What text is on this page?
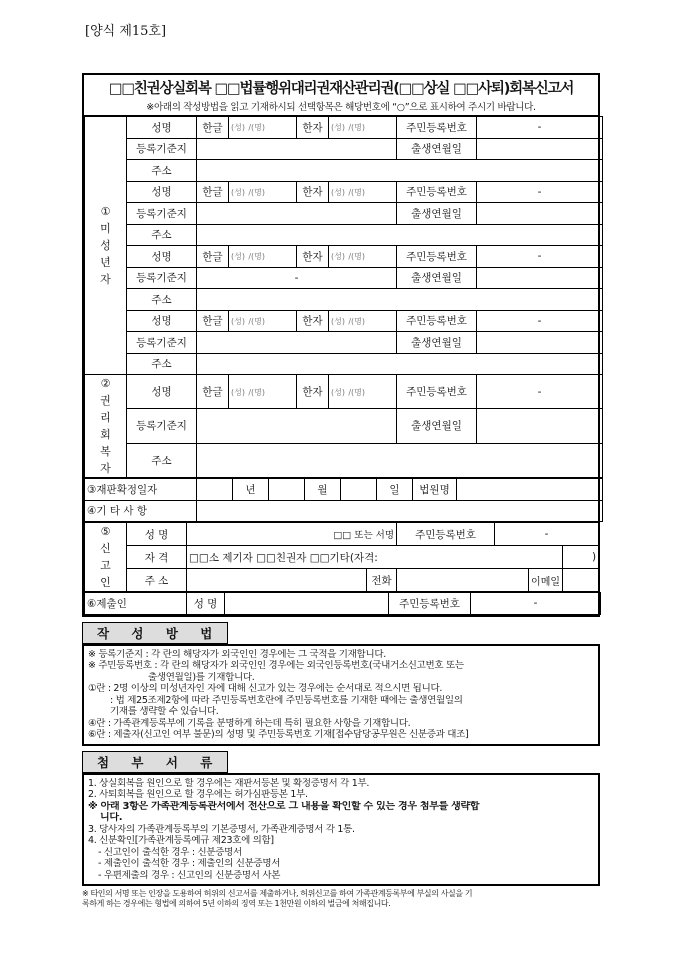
[양식 제15호]
□□친권상실회복 □□법률행위대리권재산관리권(□□상실 □□사퇴)회복신고서
※아래의 작성방법을 읽고 기재하시되 선택항목은 해당번호에 “○”으로 표시하여 주시기 바랍니다.
① 미 성 년 자	성명	한글	(성) /(명)	한자	(성) /(명)	주민등록번호	-
	등록기준지					출생연월일	
	주소						
	성명	한글	(성) /(명)	한자	(성) /(명)	주민등록번호	-
	등록기준지					출생연월일	
	주소						
	성명	한글	(성) /(명)	한자	(성) /(명)	주민등록번호	-
	등록기준지	-				출생연월일	
	주소						
	성명	한글	(성) /(명)	한자	(성) /(명)	주민등록번호	-
	등록기준지					출생연월일	
	주소						
②권리 회복자	성명	한글	(성) /(명)	한자	(성) /(명)	주민등록번호	-
	등록기준지					출생연월일	
	주소						
③재판확정일자		년		월		일	법원명	
④기 타 사 항								
⑤ 신 고 인	성 명	□□ 또는 서명		주민등록번호	-		
	자 격	□□소 제기자 □□친권자 □□기타(자격:					)
	주 소		전화			이메일	
⑥제출인	성 명		주민등록번호	-
작 성 방 법
※ 등록기준지 : 각 란의 해당자가 외국인인 경우에는 그 국적을 기재합니다.
※ 주민등록번호 : 각 란의 해당자가 외국인인 경우에는 외국인등록번호(국내거소신고번호 또는
출생연월일)를 기재합니다.
①란 : 2명 이상의 미성년자인 자에 대해 신고가 있는 경우에는 순서대로 적으시면 됩니다.
: 법 제25조제2항에 따라 주민등록번호란에 주민등록번호를 기재한 때에는 출생연월일의
기재를 생략할 수 있습니다.
④란 : 가족관계등록부에 기록을 분명하게 하는데 특히 필요한 사항을 기재합니다.
⑥란 : 제출자(신고인 여부 불문)의 성명 및 주민등록번호 기재[접수담당공무원은 신분증과 대조]
첨 부 서 류
1. 상실회복을 원인으로 할 경우에는 재판서등본 및 확정증명서 각 1부.
2. 사퇴회복을 원인으로 할 경우에는 허가심판등본 1부.
※ 아래 3항은 가족관계등록관서에서 전산으로 그 내용을 확인할 수 있는 경우 첨부를 생략합
니다.
3. 당사자의 가족관계등록부의 기본증명서, 가족관계증명서 각 1통.
4. 신분확인[가족관계등록예규 제23호에 의함]
- 신고인이 출석한 경우 : 신분증명서
- 제출인이 출석한 경우 : 제출인의 신분증명서
- 우편제출의 경우 : 신고인의 신분증명서 사본
※ 타인의 서명 또는 인장을 도용하여 허위의 신고서를 제출하거나, 허위신고를 하여 가족관계등록부에 부실의 사실을 기
록하게 하는 경우에는 형법에 의하여 5년 이하의 징역 또는 1천만원 이하의 벌금에 처해집니다.
